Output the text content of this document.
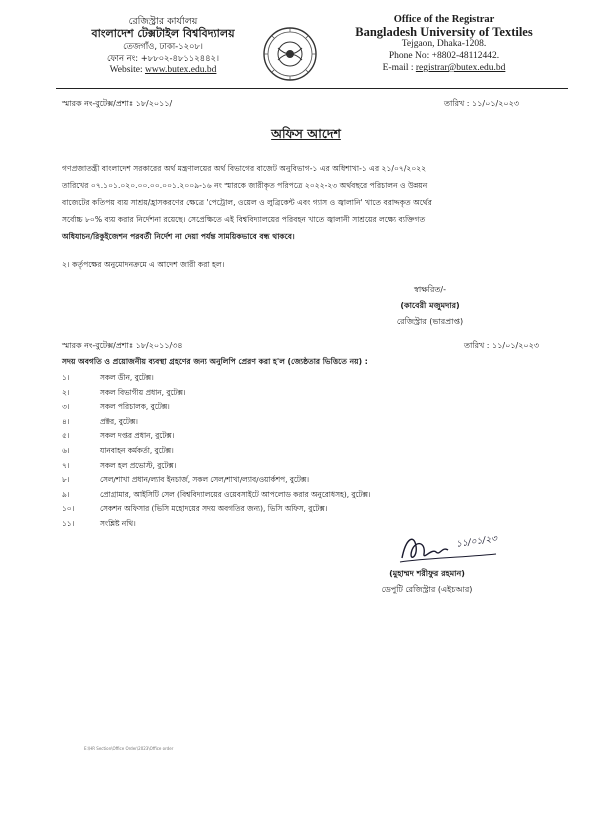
রেজিস্ট্রার কার্যালয়
বাংলাদেশ টেক্সটাইল বিশ্ববিদ্যালয়
তেজগাঁও, ঢাকা-১২০৮।
ফোন নং: +৮৮০২-৪৮১১২৪৪২।
Website: www.butex.edu.bd
Office of the Registrar
Bangladesh University of Textiles
Tejgaon, Dhaka-1208.
Phone No: +8802-48112442.
E-mail : registrar@butex.edu.bd
স্মারক নং-বুটেক্স/প্রশাঃ ১৮/২০১১/	তারিখ : ১১/০১/২০২৩
অফিস আদেশ
গণপ্রজাতন্ত্রী বাংলাদেশ সরকারের অর্থ মন্ত্রণালয়ের অর্থ বিভাগের বাজেট অনুবিভাগ-১ এর অধিশাখা-১ এর ২১/০৭/২০২২
তারিখের ০৭.১০১.০২০.০০.০০.০০১.২০০৯-১৬ নং স্মারকে জারীকৃত পরিপত্রে ২০২২-২৩ অর্থবছরে পরিচালন ও উন্নয়ন
বাজেটের কতিপয় ব্যয় সাশ্রয়/হ্রাসকরণের ক্ষেত্রে 'পেট্রোল, ওয়েল ও লুব্রিকেন্ট এবং গ্যাস ও জ্বালানি' খাতে বরাদ্দকৃত অর্থের
সর্বোচ্চ ৮০% ব্যয় করার নির্দেশনা রয়েছে। সেপ্রেক্ষিতে এই বিশ্ববিদ্যালয়ের পরিবহন খাতে জ্বালানী সাশ্রয়ের লক্ষ্যে ব্যক্তিগত
অধিযাচন/রিকুইজেশন পরবর্তী নির্দেশ না দেয়া পর্যন্ত সাময়িকভাবে বন্ধ থাকবে।
২। কর্তৃপক্ষের অনুমোদনক্রমে এ আদেশ জারী করা হল।
স্বাক্ষরিত/-
(কাবেরী মজুমদার)
রেজিস্ট্রার (ভারপ্রাপ্ত)
স্মারক নং-বুটেক্স/প্রশাঃ ১৮/২০১১/৩৪	তারিখ : ১১/০১/২০২৩
সদয় অবগতি ও প্রয়োজনীয় ব্যবস্থা গ্রহণের জন্য অনুলিপি প্রেরণ করা হ'ল (জ্যেষ্ঠতার ভিত্তিতে নয়) :
১।	সকল ডীন, বুটেক্স।
২।	সকল বিভাগীয় প্রধান, বুটেক্স।
৩।	সকল পরিচালক, বুটেক্স।
৪।	প্রক্টর, বুটেক্স।
৫।	সকল দপ্তর প্রধান, বুটেক্স।
৬।	যানবাহন কর্মকর্তা, বুটেক্স।
৭।	সকল হল প্রভোস্ট, বুটেক্স।
৮।	সেল/শাখা প্রধান/ল্যাব ইনচার্জ, সকল সেল/শাখা/ল্যাব/ওয়ার্কশপ, বুটেক্স।
৯।	প্রোগ্রামার, আইসিটি সেল (বিশ্ববিদ্যালয়ের ওয়েবসাইটে আপলোড করার অনুরোধসহ), বুটেক্স।
১০।	সেকশন অফিসার (ভিসি মহোদয়ের সদয় অবগতির জন্য), ভিসি অফিস, বুটেক্স।
১১।	সংশ্লিষ্ট নথি।
১১/০১/২৩
(মুহাম্মদ শরীফুর রহমান)
ডেপুটি রেজিস্ট্রার (এইচআর)
E:\HR Section\Office Order\2023\Office order
